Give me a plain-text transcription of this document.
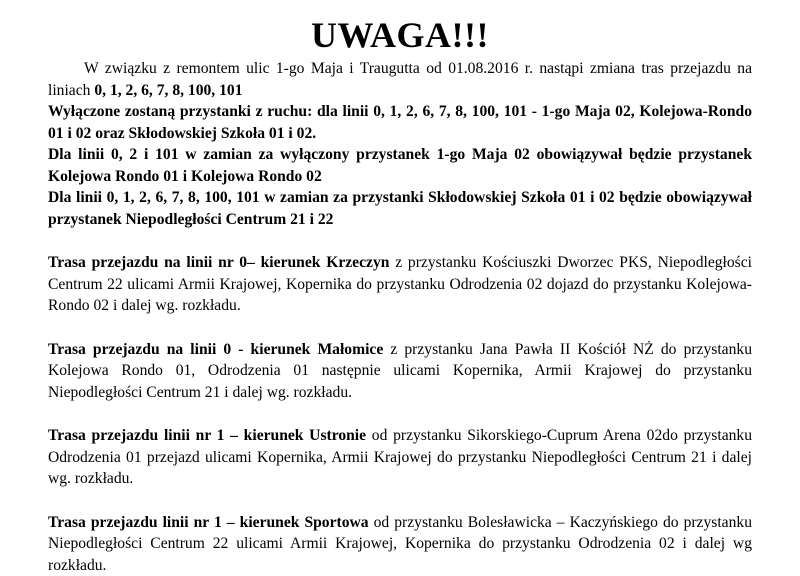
UWAGA!!!

W związku z remontem ulic 1-go Maja i Traugutta od 01.08.2016 r. nastąpi zmiana tras przejazdu na liniach 0, 1, 2, 6, 7, 8, 100, 101

Wyłączone zostaną przystanki z ruchu: dla linii 0, 1, 2, 6, 7, 8, 100, 101 - 1-go Maja 02, Kolejowa-Rondo 01 i 02 oraz Skłodowskiej Szkoła 01 i 02.

Dla linii 0, 2 i 101 w zamian za wyłączony przystanek 1-go Maja 02 obowiązywał będzie przystanek Kolejowa Rondo 01 i Kolejowa Rondo 02

Dla linii 0, 1, 2, 6, 7, 8, 100, 101 w zamian za przystanki Skłodowskiej Szkoła 01 i 02 będzie obowiązywał przystanek Niepodległości Centrum 21 i 22

Trasa przejazdu na linii nr 0– kierunek Krzeczyn z przystanku Kościuszki Dworzec PKS, Niepodległości Centrum 22 ulicami Armii Krajowej, Kopernika do przystanku Odrodzenia 02 dojazd do przystanku Kolejowa-Rondo 02 i dalej wg. rozkładu.

Trasa przejazdu na linii 0 - kierunek Małomice z przystanku Jana Pawła II Kościół NŻ do przystanku Kolejowa Rondo 01, Odrodzenia 01 następnie ulicami Kopernika, Armii Krajowej do przystanku Niepodległości Centrum 21 i dalej wg. rozkładu.

Trasa przejazdu linii nr 1 – kierunek Ustronie od przystanku Sikorskiego-Cuprum Arena 02do przystanku Odrodzenia 01 przejazd ulicami Kopernika, Armii Krajowej do przystanku Niepodległości Centrum 21 i dalej wg. rozkładu.

Trasa przejazdu linii nr 1 – kierunek Sportowa od przystanku Bolesławicka – Kaczyńskiego do przystanku Niepodległości Centrum 22 ulicami Armii Krajowej, Kopernika do przystanku Odrodzenia 02 i dalej wg rozkładu.
